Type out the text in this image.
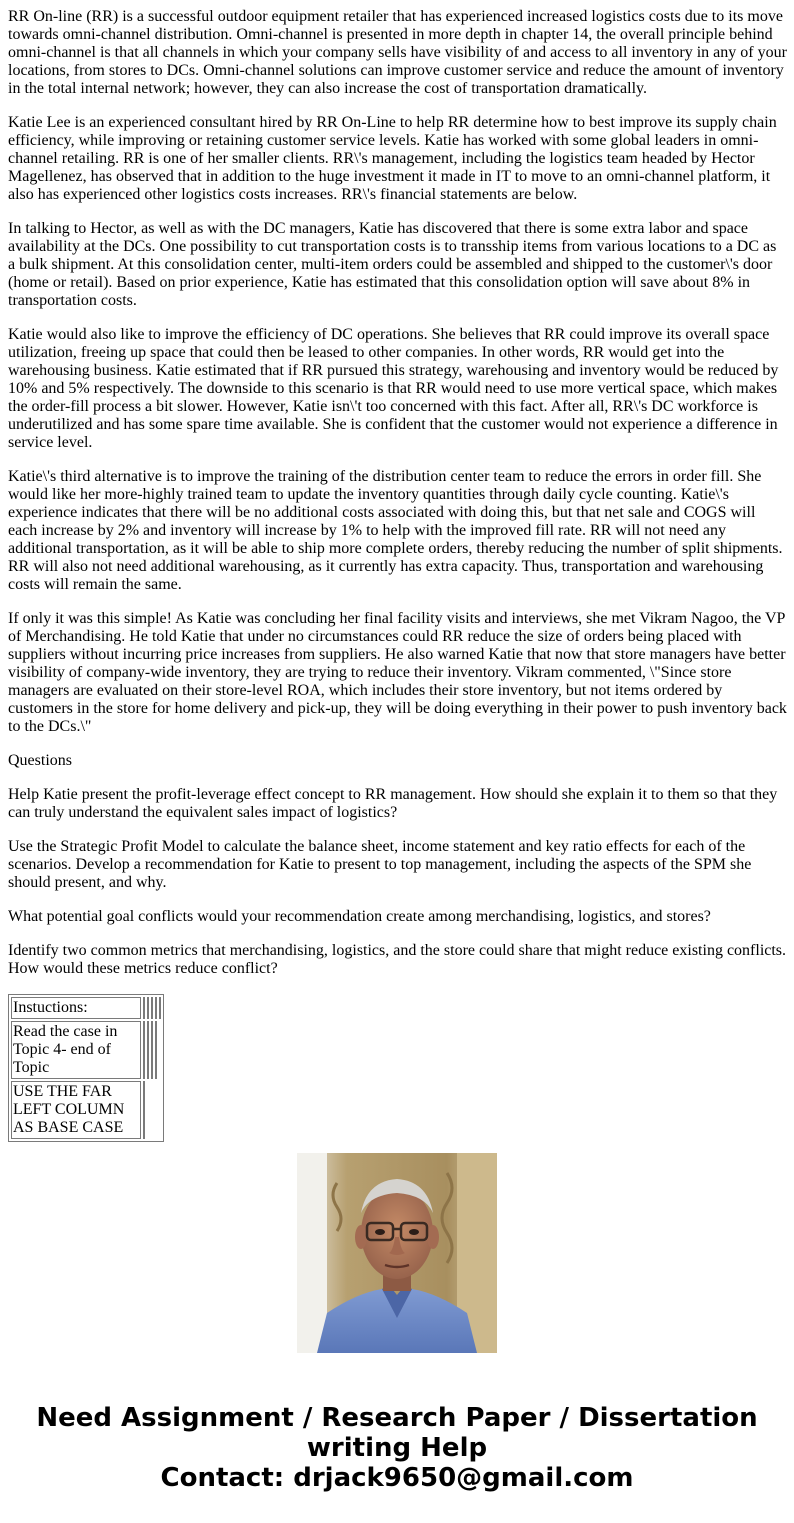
RR On-line (RR) is a successful outdoor equipment retailer that has experienced increased logistics costs due to its move towards omni-channel distribution. Omni-channel is presented in more depth in chapter 14, the overall principle behind omni-channel is that all channels in which your company sells have visibility of and access to all inventory in any of your locations, from stores to DCs. Omni-channel solutions can improve customer service and reduce the amount of inventory in the total internal network; however, they can also increase the cost of transportation dramatically.

Katie Lee is an experienced consultant hired by RR On-Line to help RR determine how to best improve its supply chain efficiency, while improving or retaining customer service levels. Katie has worked with some global leaders in omni-channel retailing. RR is one of her smaller clients. RR\'s management, including the logistics team headed by Hector Magellenez, has observed that in addition to the huge investment it made in IT to move to an omni-channel platform, it also has experienced other logistics costs increases. RR\'s financial statements are below.

In talking to Hector, as well as with the DC managers, Katie has discovered that there is some extra labor and space availability at the DCs. One possibility to cut transportation costs is to transship items from various locations to a DC as a bulk shipment. At this consolidation center, multi-item orders could be assembled and shipped to the customer\'s door (home or retail). Based on prior experience, Katie has estimated that this consolidation option will save about 8% in transportation costs.

Katie would also like to improve the efficiency of DC operations. She believes that RR could improve its overall space utilization, freeing up space that could then be leased to other companies. In other words, RR would get into the warehousing business. Katie estimated that if RR pursued this strategy, warehousing and inventory would be reduced by 10% and 5% respectively. The downside to this scenario is that RR would need to use more vertical space, which makes the order-fill process a bit slower. However, Katie isn\'t too concerned with this fact. After all, RR\'s DC workforce is underutilized and has some spare time available. She is confident that the customer would not experience a difference in service level.

Katie\'s third alternative is to improve the training of the distribution center team to reduce the errors in order fill. She would like her more-highly trained team to update the inventory quantities through daily cycle counting. Katie\'s experience indicates that there will be no additional costs associated with doing this, but that net sale and COGS will each increase by 2% and inventory will increase by 1% to help with the improved fill rate. RR will not need any additional transportation, as it will be able to ship more complete orders, thereby reducing the number of split shipments. RR will also not need additional warehousing, as it currently has extra capacity. Thus, transportation and warehousing costs will remain the same.

If only it was this simple! As Katie was concluding her final facility visits and interviews, she met Vikram Nagoo, the VP of Merchandising. He told Katie that under no circumstances could RR reduce the size of orders being placed with suppliers without incurring price increases from suppliers. He also warned Katie that now that store managers have better visibility of company-wide inventory, they are trying to reduce their inventory. Vikram commented, \"Since store managers are evaluated on their store-level ROA, which includes their store inventory, but not items ordered by customers in the store for home delivery and pick-up, they will be doing everything in their power to push inventory back to the DCs.\"

Questions

Help Katie present the profit-leverage effect concept to RR management. How should she explain it to them so that they can truly understand the equivalent sales impact of logistics?

Use the Strategic Profit Model to calculate the balance sheet, income statement and key ratio effects for each of the scenarios. Develop a recommendation for Katie to present to top management, including the aspects of the SPM she should present, and why.

What potential goal conflicts would your recommendation create among merchandising, logistics, and stores?

Identify two common metrics that merchandising, logistics, and the store could share that might reduce existing conflicts. How would these metrics reduce conflict?

Instuctions:					
Read the case in Topic 4- end of Topic					
USE THE FAR LEFT COLUMN AS BASE CASE					
Need Assignment / Research Paper / Dissertation
writing Help
Contact: drjack9650@gmail.com
